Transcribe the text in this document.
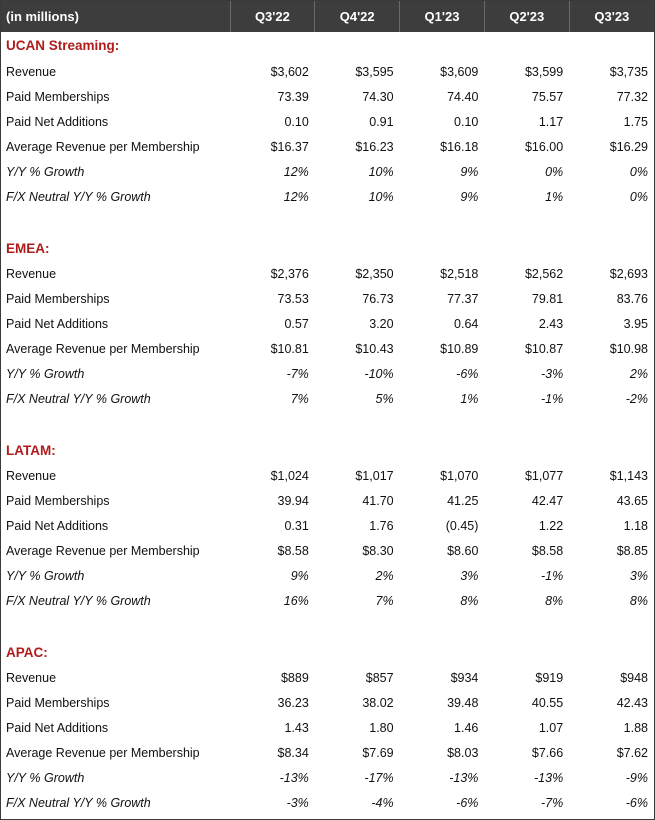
(in millions)	Q3'22	Q4'22	Q1'23	Q2'23	Q3'23
UCAN Streaming:					
Revenue	$3,602	$3,595	$3,609	$3,599	$3,735
Paid Memberships	73.39	74.30	74.40	75.57	77.32
Paid Net Additions	0.10	0.91	0.10	1.17	1.75
Average Revenue per Membership	$16.37	$16.23	$16.18	$16.00	$16.29
Y/Y % Growth	12%	10%	9%	0%	0%
F/X Neutral Y/Y % Growth	12%	10%	9%	1%	0%

EMEA:					
Revenue	$2,376	$2,350	$2,518	$2,562	$2,693
Paid Memberships	73.53	76.73	77.37	79.81	83.76
Paid Net Additions	0.57	3.20	0.64	2.43	3.95
Average Revenue per Membership	$10.81	$10.43	$10.89	$10.87	$10.98
Y/Y % Growth	-7%	-10%	-6%	-3%	2%
F/X Neutral Y/Y % Growth	7%	5%	1%	-1%	-2%

LATAM:					
Revenue	$1,024	$1,017	$1,070	$1,077	$1,143
Paid Memberships	39.94	41.70	41.25	42.47	43.65
Paid Net Additions	0.31	1.76	(0.45)	1.22	1.18
Average Revenue per Membership	$8.58	$8.30	$8.60	$8.58	$8.85
Y/Y % Growth	9%	2%	3%	-1%	3%
F/X Neutral Y/Y % Growth	16%	7%	8%	8%	8%

APAC:					
Revenue	$889	$857	$934	$919	$948
Paid Memberships	36.23	38.02	39.48	40.55	42.43
Paid Net Additions	1.43	1.80	1.46	1.07	1.88
Average Revenue per Membership	$8.34	$7.69	$8.03	$7.66	$7.62
Y/Y % Growth	-13%	-17%	-13%	-13%	-9%
F/X Neutral Y/Y % Growth	-3%	-4%	-6%	-7%	-6%
